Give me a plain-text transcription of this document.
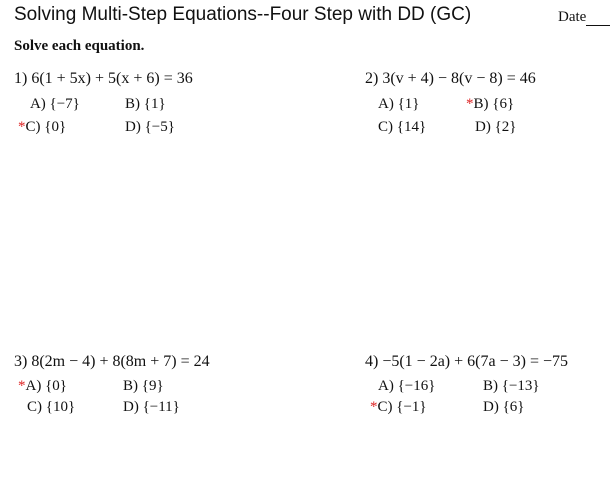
Solving Multi-Step Equations--Four Step with DD (GC)	Date
Solve each equation.
1) 6(1 + 5x) + 5(x + 6) = 36
A) {−7}	B) {1}
*C) {0}	D) {−5}
2) 3(v + 4) − 8(v − 8) = 46
A) {1}	*B) {6}
C) {14}	D) {2}
3) 8(2m − 4) + 8(8m + 7) = 24
*A) {0}	B) {9}
C) {10}	D) {−11}
4) −5(1 − 2a) + 6(7a − 3) = −75
A) {−16}	B) {−13}
*C) {−1}	D) {6}
